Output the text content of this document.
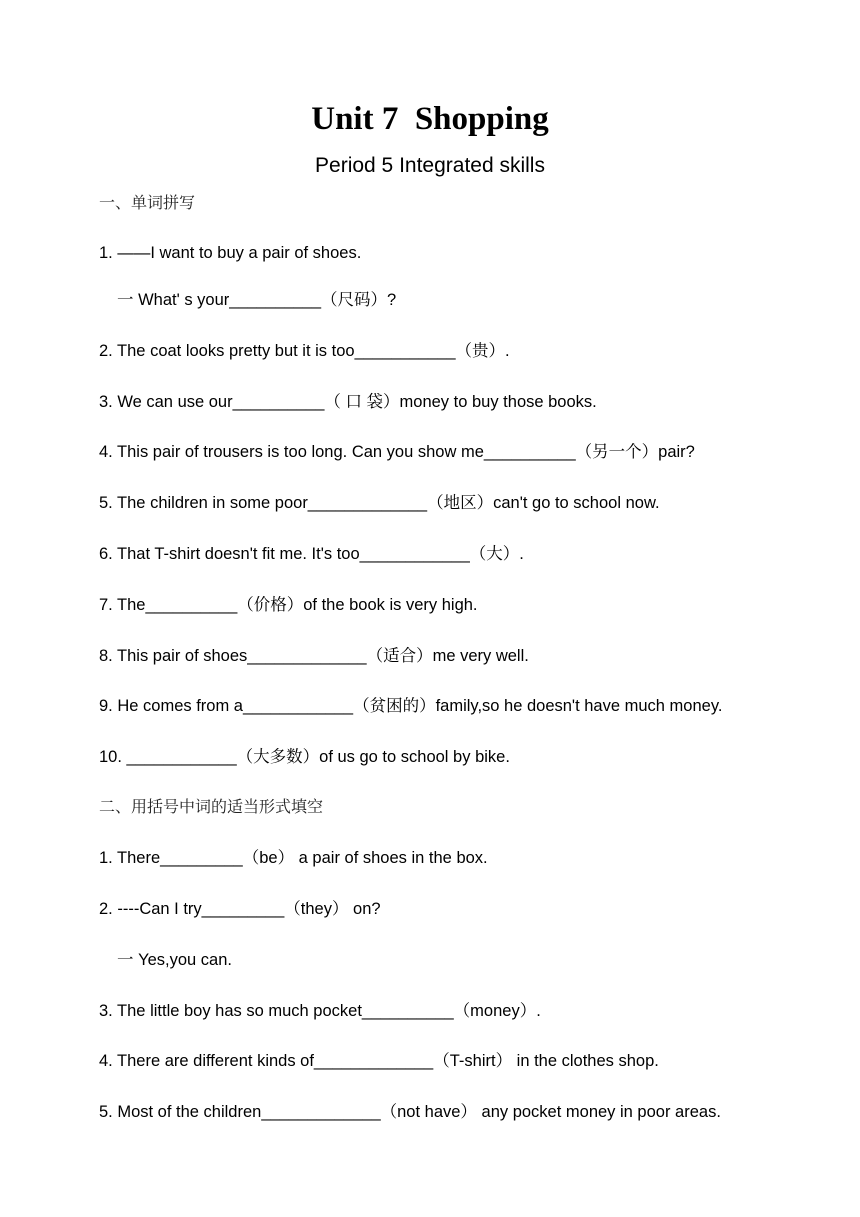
Unit 7  Shopping
Period 5 Integrated skills
一、单词拼写
1. ——I want to buy a pair of shoes.
一 What' s your__________（尺码）?
2. The coat looks pretty but it is too___________（贵）.
3. We can use our__________（ 口 袋）money to buy those books.
4. This pair of trousers is too long. Can you show me__________（另一个）pair?
5. The children in some poor_____________（地区）can't go to school now.
6. That T-shirt doesn't fit me. It's too____________（大）.
7. The__________（价格）of the book is very high.
8. This pair of shoes_____________（适合）me very well.
9. He comes from a____________（贫困的）family,so he doesn't have much money.
10. ____________（大多数）of us go to school by bike.
二、用括号中词的适当形式填空
1. There_________（be） a pair of shoes in the box.
2. ----Can I try_________（they） on?
一 Yes,you can.
3. The little boy has so much pocket__________（money）.
4. There are different kinds of_____________（T-shirt） in the clothes shop.
5. Most of the children_____________（not have） any pocket money in poor areas.
